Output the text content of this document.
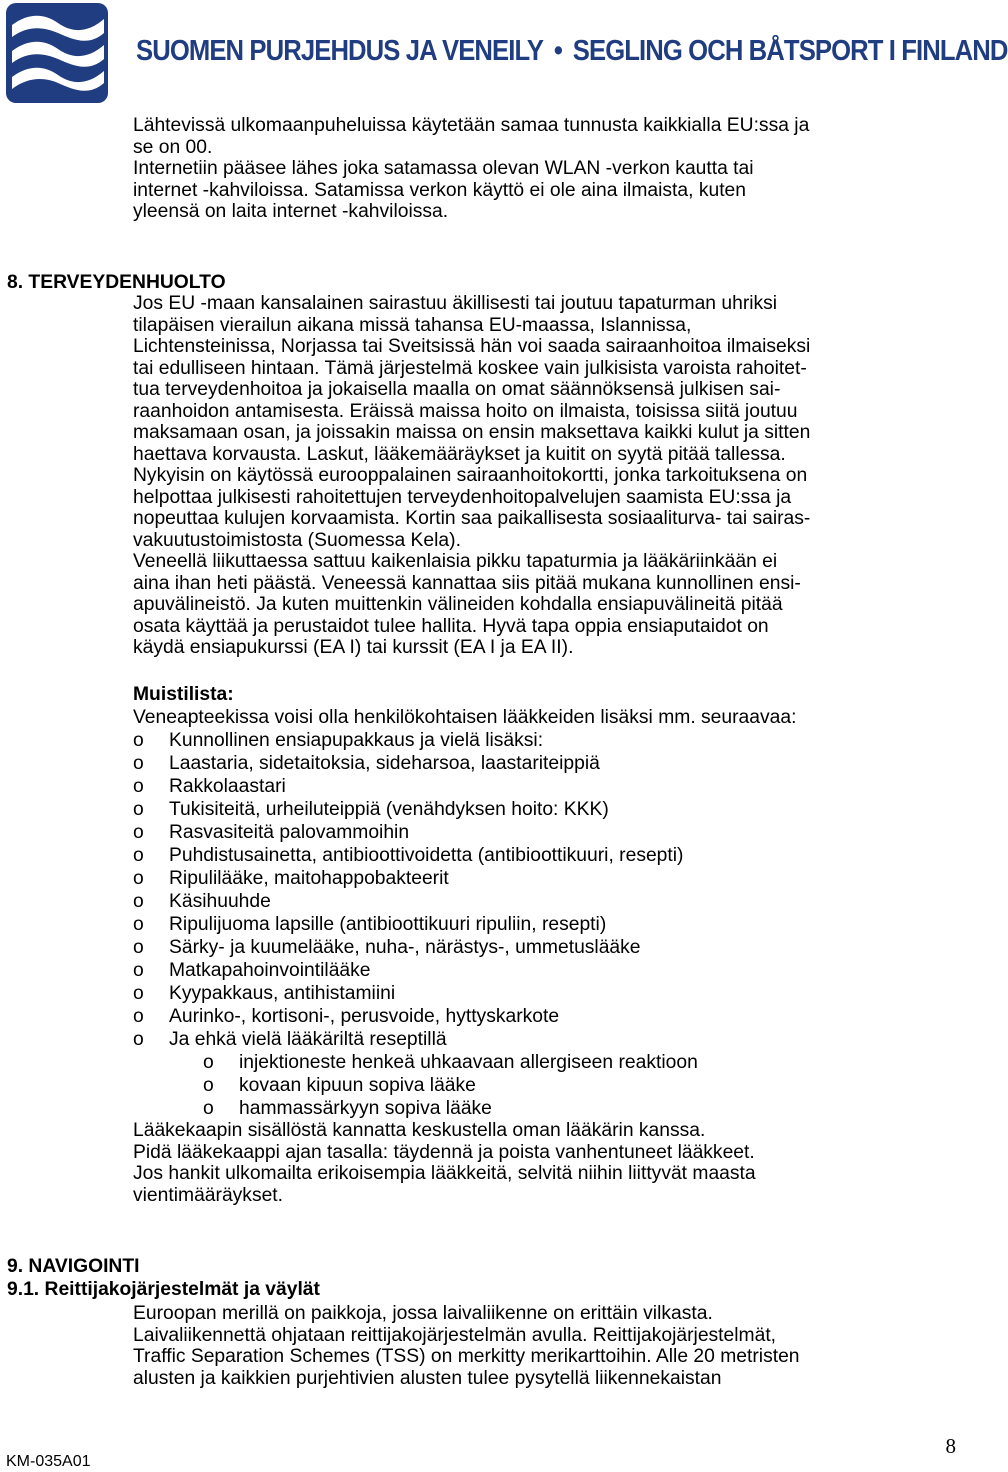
SUOMEN PURJEHDUS JA VENEILY • SEGLING OCH BÅTSPORT I FINLAND
Lähtevissä ulkomaanpuheluissa käytetään samaa tunnusta kaikkialla EU:ssa ja
se on 00.
Internetiin pääsee lähes joka satamassa olevan WLAN -verkon kautta tai
internet -kahviloissa. Satamissa verkon käyttö ei ole aina ilmaista, kuten
yleensä on laita internet -kahviloissa.
8. TERVEYDENHUOLTO
Jos EU -maan kansalainen sairastuu äkillisesti tai joutuu tapaturman uhriksi
tilapäisen vierailun aikana missä tahansa EU-maassa, Islannissa,
Lichtensteinissa, Norjassa tai Sveitsissä hän voi saada sairaanhoitoa ilmaiseksi
tai edulliseen hintaan. Tämä järjestelmä koskee vain julkisista varoista rahoitet-
tua terveydenhoitoa ja jokaisella maalla on omat säännöksensä julkisen sai-
raanhoidon antamisesta. Eräissä maissa hoito on ilmaista, toisissa siitä joutuu
maksamaan osan, ja joissakin maissa on ensin maksettava kaikki kulut ja sitten
haettava korvausta. Laskut, lääkemääräykset ja kuitit on syytä pitää tallessa.
Nykyisin on käytössä eurooppalainen sairaanhoitokortti, jonka tarkoituksena on
helpottaa julkisesti rahoitettujen terveydenhoitopalvelujen saamista EU:ssa ja
nopeuttaa kulujen korvaamista. Kortin saa paikallisesta sosiaaliturva- tai sairas-
vakuutustoimistosta (Suomessa Kela).
Veneellä liikuttaessa sattuu kaikenlaisia pikku tapaturmia ja lääkäriinkään ei
aina ihan heti päästä. Veneessä kannattaa siis pitää mukana kunnollinen ensi-
apuvälineistö. Ja kuten muittenkin välineiden kohdalla ensiapuvälineitä pitää
osata käyttää ja perustaidot tulee hallita. Hyvä tapa oppia ensiaputaidot on
käydä ensiapukurssi (EA I) tai kurssit (EA I ja EA II).
Muistilista:
Veneapteekissa voisi olla henkilökohtaisen lääkkeiden lisäksi mm. seuraavaa:
o Kunnollinen ensiapupakkaus ja vielä lisäksi:
o Laastaria, sidetaitoksia, sideharsoa, laastariteippiä
o Rakkolaastari
o Tukisiteitä, urheiluteippiä (venähdyksen hoito: KKK)
o Rasvasiteitä palovammoihin
o Puhdistusainetta, antibioottivoidetta (antibioottikuuri, resepti)
o Ripulilääke, maitohappobakteerit
o Käsihuuhde
o Ripulijuoma lapsille (antibioottikuuri ripuliin, resepti)
o Särky- ja kuumelääke, nuha-, närästys-, ummetuslääke
o Matkapahoinvointilääke
o Kyypakkaus, antihistamiini
o Aurinko-, kortisoni-, perusvoide, hyttyskarkote
o Ja ehkä vielä lääkäriltä reseptillä
o injektioneste henkeä uhkaavaan allergiseen reaktioon
o kovaan kipuun sopiva lääke
o hammassärkyyn sopiva lääke
Lääkekaapin sisällöstä kannatta keskustella oman lääkärin kanssa.
Pidä lääkekaappi ajan tasalla: täydennä ja poista vanhentuneet lääkkeet.
Jos hankit ulkomailta erikoisempia lääkkeitä, selvitä niihin liittyvät maasta
vientimääräykset.
9. NAVIGOINTI
9.1. Reittijakojärjestelmät ja väylät
Euroopan merillä on paikkoja, jossa laivaliikenne on erittäin vilkasta.
Laivaliikennettä ohjataan reittijakojärjestelmän avulla. Reittijakojärjestelmät,
Traffic Separation Schemes (TSS) on merkitty merikarttoihin. Alle 20 metristen
alusten ja kaikkien purjehtivien alusten tulee pysytellä liikennekaistan
KM-035A01
8
